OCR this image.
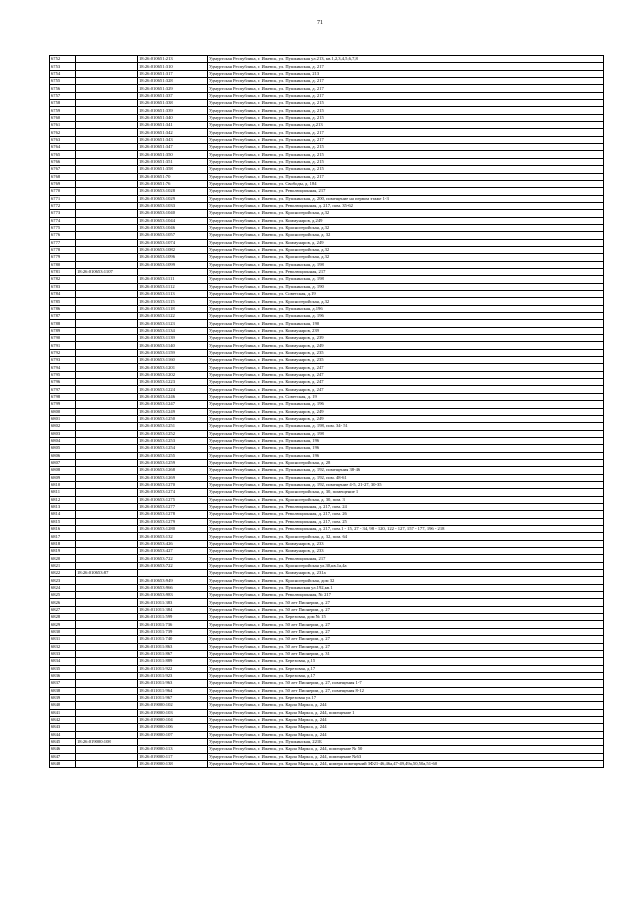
71
6752		18:26:010651:213	Удмуртская Республика, г. Ижевск, ул. Пушкинская ул.213, кв.1,2,3,4,5,6,7,8
6753		18:26:010651:310	Удмуртская Республика, г. Ижевск, ул. Пушкинская, д. 217
6754		18:26:010651:317	Удмуртская Республика, г. Ижевск, ул. Пушкинская, 213
6755		18:26:010651:328	Удмуртская Республика, г. Ижевск, ул. Пушкинская, д. 217
6756		18:26:010651:329	Удмуртская Республика, г. Ижевск, ул. Пушкинская, д. 217
6757		18:26:010651:337	Удмуртская Республика, г. Ижевск, ул. Пушкинская, д. 217
6758		18:26:010651:338	Удмуртская Республика, г. Ижевск, ул. Пушкинская, д. 215
6759		18:26:010651:339	Удмуртская Республика, г. Ижевск, ул. Пушкинская, д. 215
6760		18:26:010651:340	Удмуртская Республика, г. Ижевск, ул. Пушкинская, д. 215
6761		18:26:010651:341	Удмуртская Республика, г. Ижевск, ул. Пушкинская, д.213
6762		18:26:010651:342	Удмуртская Республика, г. Ижевск, ул. Пушкинская, д. 217
6763		18:26:010651:343	Удмуртская Республика, г. Ижевск, ул. Пушкинская, д. 217
6764		18:26:010651:347	Удмуртская Республика, г. Ижевск, ул. Пушкинская, д. 215
6765		18:26:010651:350	Удмуртская Республика, г. Ижевск, ул. Пушкинская, д. 215
6766		18:26:010651:351	Удмуртская Республика, г. Ижевск, ул. Пушкинская, д. 215
6767		18:26:010651:358	Удмуртская Республика, г. Ижевск, ул. Пушкинская, д. 215
6768		18:26:010651:70	Удмуртская Республика, г. Ижевск, ул. Пушкинская, д. 217
6769		18:26:010651:76	Удмуртская Республика, г. Ижевск, ул. Свободы, д. 184
6770		18:26:010653:1028	Удмуртская Республика, г. Ижевск, ул. Революционная, 217
6771		18:26:010653:1029	Удмуртская Республика, г. Ижевск, ул. Пушкинская, д. 200, помещение на первом этаже 1-3
6772		18:26:010653:1033	Удмуртская Республика, г. Ижевск, ул. Революционная, д. 217, пом. 35-62
6773		18:26:010653:1040	Удмуртская Республика, г. Ижевск, ул. Красногеройская, д.32
6774		18:26:010653:1044	Удмуртская Республика, г. Ижевск, ул. Коммунаров, д.249
6775		18:26:010653:1046	Удмуртская Республика, г. Ижевск, ул. Красногеройская, д.32
6776		18:26:010653:1057	Удмуртская Республика, г. Ижевск, ул. Красногеройская, д. 32
6777		18:26:010653:1074	Удмуртская Республика, г. Ижевск, ул. Коммунаров, д. 249
6778		18:26:010653:1082	Удмуртская Республика, г. Ижевск, ул. Красногеройская, д.32
6779		18:26:010653:1096	Удмуртская Республика, г. Ижевск, ул. Красногеройская, д.32
6780		18:26:010653:1099	Удмуртская Республика, г. Ижевск, ул. Пушкинская, д. 198
6781	18:26:010653:1107		Удмуртская Республика, г. Ижевск, ул. Революционная, 217
6782		18:26:010653:1111	Удмуртская Республика, г. Ижевск, ул. Пушкинская, д. 198
6783		18:26:010653:1112	Удмуртская Республика, г. Ижевск, ул. Пушкинская, д. 190
6784		18:26:010653:1113	Удмуртская Республика, г. Ижевск, ул. Советская, д.19
6785		18:26:010653:1115	Удмуртская Республика, г. Ижевск, ул. Красногеройская, д.32
6786		18:26:010653:1118	Удмуртская Республика, г. Ижевск, ул. Пушкинская, д.196
6787		18:26:010653:1122	Удмуртская Республика, г. Ижевск, ул. Пушкинская, д. 196
6788		18:26:010653:1123	Удмуртская Республика, г. Ижевск, ул. Пушкинская, 190
6789		18:26:010653:1134	Удмуртская Республика, г. Ижевск, ул. Коммунаров, 239
6790		18:26:010653:1139	Удмуртская Республика, г. Ижевск, ул. Коммунаров, д. 239
6791		18:26:010653:1140	Удмуртская Республика, г. Ижевск, ул. Коммунаров, д. 249
6792		18:26:010653:1159	Удмуртская Республика, г. Ижевск, ул. Коммунаров, д. 235
6793		18:26:010653:1160	Удмуртская Республика, г. Ижевск, ул. Коммунаров, д. 235
6794		18:26:010653:1201	Удмуртская Республика, г. Ижевск, ул. Коммунаров, д. 247
6795		18:26:010653:1202	Удмуртская Республика, г. Ижевск, ул. Коммунаров, д. 247
6796		18:26:010653:1223	Удмуртская Республика, г. Ижевск, ул. Коммунаров, д. 247
6797		18:26:010653:1224	Удмуртская Республика, г. Ижевск, ул. Коммунаров, д. 247
6798		18:26:010653:1246	Удмуртская Республика, г. Ижевск, ул. Советская, д. 19
6799		18:26:010653:1247	Удмуртская Республика, г. Ижевск, ул. Пушкинская, д. 196
6800		18:26:010653:1249	Удмуртская Республика, г. Ижевск, ул. Коммунаров, д. 249
6801		18:26:010653:1250	Удмуртская Республика, г. Ижевск, ул. Коммунаров, д. 249
6802		18:26:010653:1251	Удмуртская Республика, г. Ижевск, ул. Пушкинская, д. 198, пом. 34- 51
6803		18:26:010653:1252	Удмуртская Республика, г. Ижевск, ул. Пушкинская, д. 198
6804		18:26:010653:1253	Удмуртская Республика, г. Ижевск, ул. Пушкинская, 196
6805		18:26:010653:1254	Удмуртская Республика, г. Ижевск, ул. Пушкинская, 196
6806		18:26:010653:1255	Удмуртская Республика, г. Ижевск, ул. Пушкинская, 196
6807		18:26:010653:1259	Удмуртская Республика, г. Ижевск, ул. Красногеройская, д. 28
6808		18:26:010653:1268	Удмуртская Республика, г. Ижевск, ул. Пушкинская, д. 192, помещения 38-46
6809		18:26:010653:1269	Удмуртская Республика, г. Ижевск, ул. Пушкинская, д. 192, пом. 48-61
6810		18:26:010653:1270	Удмуртская Республика, г. Ижевск, ул. Пушкинская, д. 192, помещение 4-5, 21-27, 30-35
6811		18:26:010653:1274	Удмуртская Республика, г. Ижевск, ул. Красногеройская, д. 30, помещение 1
6812		18:26:010653:1275	Удмуртская Республика, г. Ижевск, ул. Красногеройская, д. 30, пом. 3
6813		18:26:010653:1277	Удмуртская Республика, г. Ижевск, ул. Революционная, д. 217, пом. 24
6814		18:26:010653:1278	Удмуртская Республика, г. Ижевск, ул. Революционная, д. 217, пом. 26
6815		18:26:010653:1279	Удмуртская Республика, г. Ижевск, ул. Революционная, д. 217, пом. 25
6816		18:26:010653:1280	Удмуртская Республика, г. Ижевск, ул. Революционная, д. 217, пом.1 - 15, 27 - 34, 98 - 120, 122 - 127, 157 - 177, 196 - 218
6817		18:26:010653:132	Удмуртская Республика, г. Ижевск, ул. Красногеройская, д. 32, пом. 64
6818		18:26:010653:426	Удмуртская Республика, г. Ижевск, ул. Коммунаров, д. 233
6819		18:26:010653:427	Удмуртская Республика, г. Ижевск, ул. Коммунаров, д. 233
6820		18:26:010653:722	Удмуртская Республика, г. Ижевск, ул. Революционная, 217
6821		18:26:010653:722	Удмуртская Республика, г. Ижевск, ул. Красногеройская ул.30,кв.1а,4а
6822	18:26:010653:87		Удмуртская Республика, г. Ижевск, ул. Коммунаров, д. 231а
6823		18:26:010653:949	Удмуртская Республика, г. Ижевск, ул. Красногеройская, дом 32
6824		18:26:010653:966	Удмуртская Республика, г. Ижевск, ул. Пушкинская ул.192,кв.1
6825		18:26:010653:983	Удмуртская Республика, г. Ижевск, ул. Революционная, № 217
6826		18:26:011011:383	Удмуртская Республика, г. Ижевск, ул. 50 лет Пионерии, д. 27
6827		18:26:011011:384	Удмуртская Республика, г. Ижевск, ул. 50 лет Пионерии, д. 27
6828		18:26:011011:599	Удмуртская Республика, г. Ижевск, ул. Березовая, дом № 15
6829		18:26:011011:736	Удмуртская Республика, г. Ижевск, ул. 50 лет Пионерии, д. 27
6830		18:26:011011:739	Удмуртская Республика, г. Ижевск, ул. 50 лет Пионерии, д. 27
6831		18:26:011011:740	Удмуртская Республика, г. Ижевск, ул. 50 лет Пионерии, д. 27
6832		18:26:011011:863	Удмуртская Республика, г. Ижевск, ул. 50 лет Пионерии, д. 27
6833		18:26:011011:867	Удмуртская Республика, г. Ижевск, ул. 50 лет Пионерии, д. 31
6834		18:26:011011:889	Удмуртская Республика, г. Ижевск, ул. Березовая, д.15
6835		18:26:011011:922	Удмуртская Республика, г. Ижевск, ул. Березовая, д.17
6836		18:26:011011:923	Удмуртская Республика, г. Ижевск, ул. Березовая, д.17
6837		18:26:011011:963	Удмуртская Республика, г. Ижевск, ул. 50 лет Пионерии, д. 27, помещения 1-7
6838		18:26:011011:964	Удмуртская Республика, г. Ижевск, ул. 50 лет Пионерии, д. 27, помещения 8-12
6839		18:26:011011:967	Удмуртская Республика, г. Ижевск, ул. Березовая ул.17
6840		18:26:019000:102	Удмуртская Республика, г. Ижевск, ул. Карла Маркса, д. 244
6841		18:26:019000:103	Удмуртская Республика, г. Ижевск, ул. Карла Маркса, д. 244, помещение 1
6842		18:26:019000:104	Удмуртская Республика, г. Ижевск, ул. Карла Маркса, д. 244
6843		18:26:019000:106	Удмуртская Республика, г. Ижевск, ул. Карла Маркса, д. 244
6844		18:26:019000:107	Удмуртская Республика, г. Ижевск, ул. Карла Маркса, д. 244
6845	18:26:019000:108		Удмуртская Республика, г. Ижевск, ул. Пушкинская, 221Б
6846		18:26:019000:113	Удмуртская Республика, г. Ижевск, ул. Карла Маркса, д. 244, помещение № 50
6847		18:26:019000:117	Удмуртская Республика, г. Ижевск, ул. Карла Маркса, д. 244, помещение №63
6848		18:26:019000:138	Удмуртская Республика, г. Ижевск, ул. Карла Маркса, д. 244, номера помещений 3Ф21-46,46а,47-49,49а,50,50а,51-60
